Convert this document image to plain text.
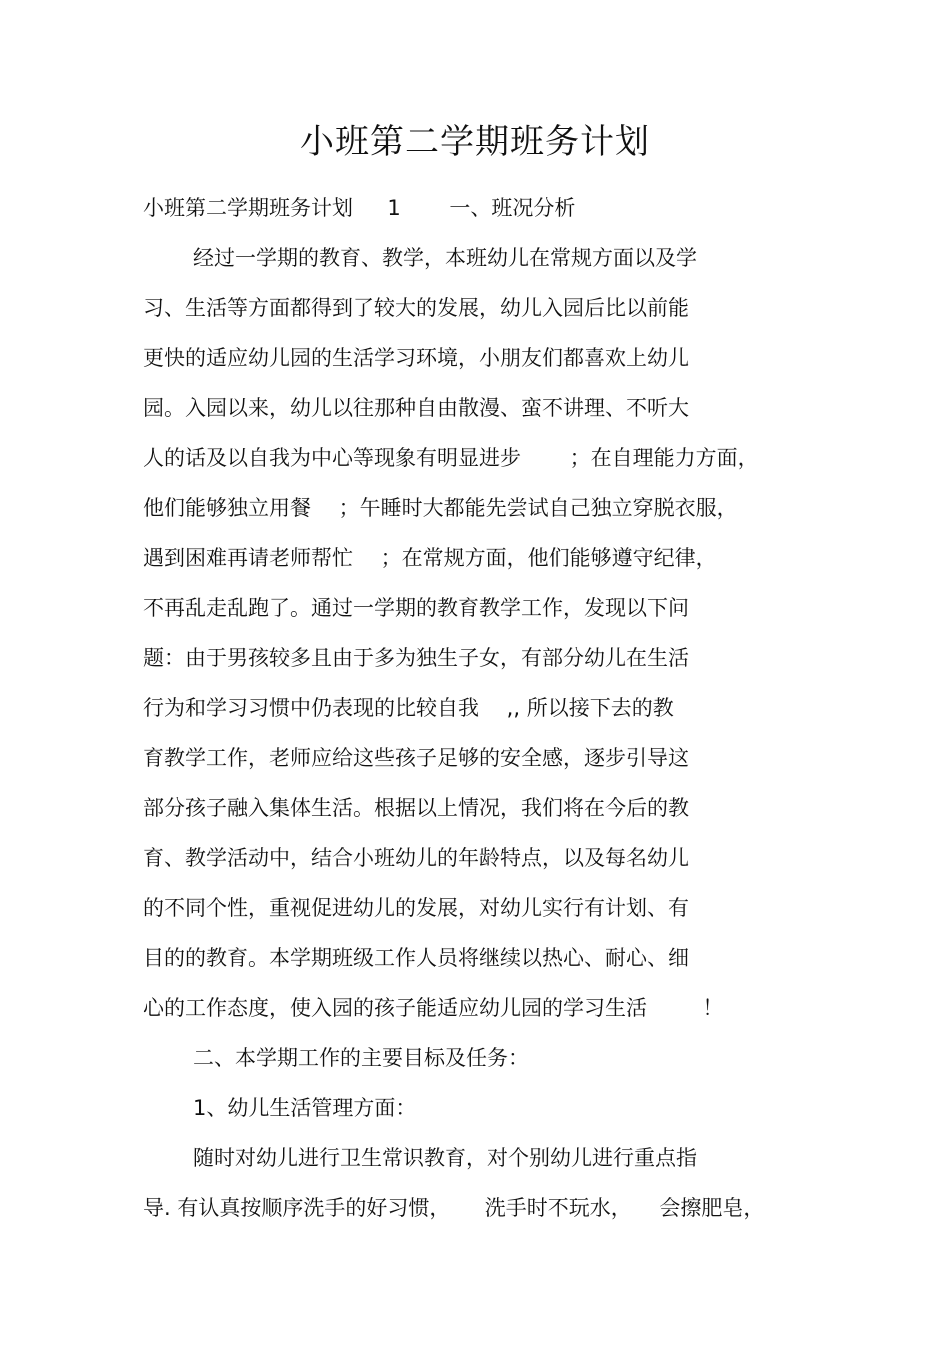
小班第二学期班务计划
小班第二学期班务计划 　 1 　　一、班况分析
经过一学期的教育、教学，本班幼儿在常规方面以及学
习、生活等方面都得到了较大的发展，幼儿入园后比以前能
更快的适应幼儿园的生活学习环境，小朋友们都喜欢上幼儿
园。入园以来，幼儿以往那种自由散漫、蛮不讲理、不听大
人的话及以自我为中心等现象有明显进步 　　；在自理能力方面，
他们能够独立用餐 　；午睡时大都能先尝试自己独立穿脱衣服，
遇到困难再请老师帮忙 　；在常规方面，他们能够遵守纪律，
不再乱走乱跑了。通过一学期的教育教学工作，发现以下问
题：由于男孩较多且由于多为独生子女，有部分幼儿在生活
行为和学习习惯中仍表现的比较自我 　,, 所以接下去的教
育教学工作，老师应给这些孩子足够的安全感，逐步引导这
部分孩子融入集体生活。根据以上情况，我们将在今后的教
育、教学活动中，结合小班幼儿的年龄特点，以及每名幼儿
的不同个性，重视促进幼儿的发展，对幼儿实行有计划、有
目的的教育。本学期班级工作人员将继续以热心、耐心、细
心的工作态度，使入园的孩子能适应幼儿园的学习生活 　　 ！
二、本学期工作的主要目标及任务：
1、幼儿生活管理方面：
随时对幼儿进行卫生常识教育，对个别幼儿进行重点指
导. 有认真按顺序洗手的好习惯， 　 洗手时不玩水， 　会擦肥皂，
